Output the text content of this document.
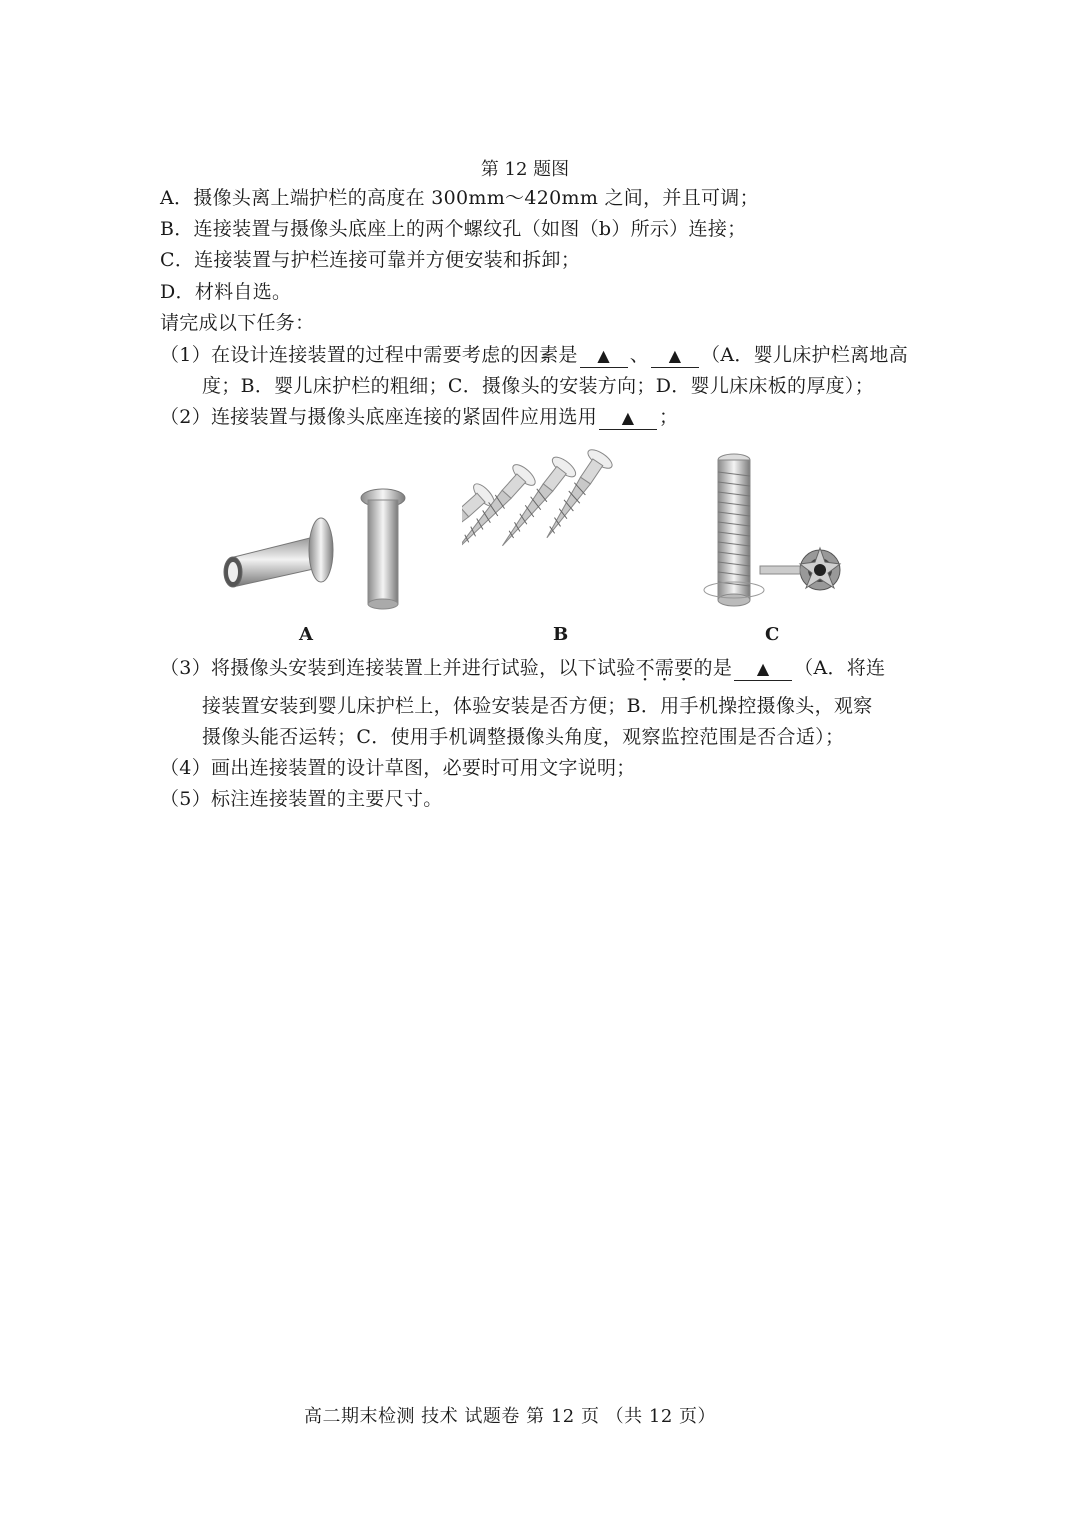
第 12 题图
A．摄像头离上端护栏的高度在 300mm～420mm 之间，并且可调；
B．连接装置与摄像头底座上的两个螺纹孔（如图（b）所示）连接；
C．连接装置与护栏连接可靠并方便安装和拆卸；
D．材料自选。
请完成以下任务：
（1）在设计连接装置的过程中需要考虑的因素是 ▲ 、 ▲ （A．婴儿床护栏离地高
度；B．婴儿床护栏的粗细；C．摄像头的安装方向；D．婴儿床床板的厚度）；
（2）连接装置与摄像头底座连接的紧固件应用选用 ▲ ；
A	B	C
（3）将摄像头安装到连接装置上并进行试验，以下试验不需要的是 ▲ （A．将连
接装置安装到婴儿床护栏上，体验安装是否方便；B．用手机操控摄像头，观察
摄像头能否运转；C．使用手机调整摄像头角度，观察监控范围是否合适）；
（4）画出连接装置的设计草图，必要时可用文字说明；
（5）标注连接装置的主要尺寸。
高二期末检测 技术 试题卷 第 12 页 （共 12 页）
